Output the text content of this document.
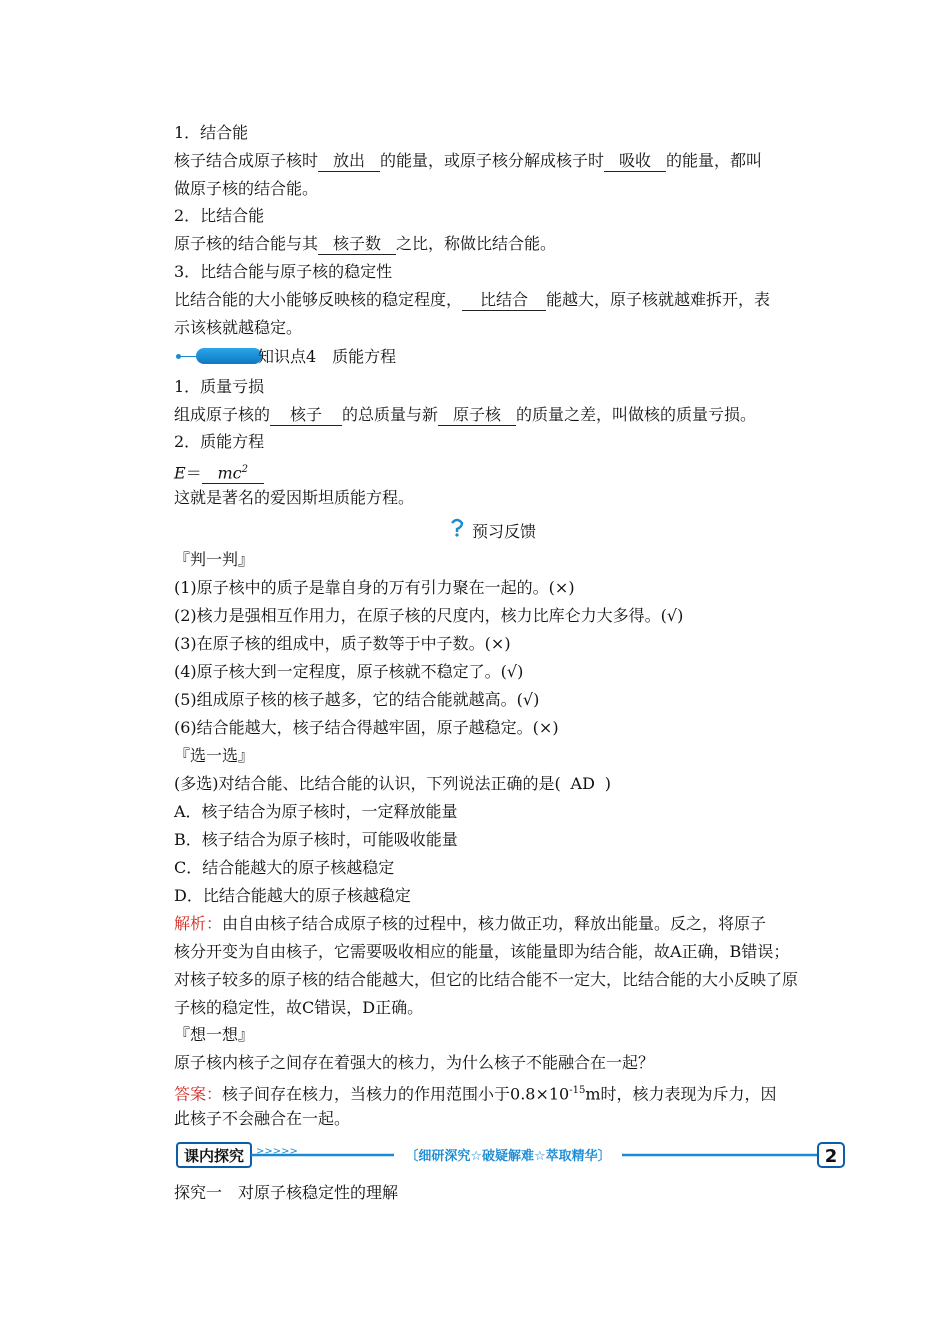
1．结合能
核子结合成原子核时 放出 的能量，或原子核分解成核子时 吸收 的能量，都叫
做原子核的结合能。
2．比结合能
原子核的结合能与其 核子数 之比，称做比结合能。
3．比结合能与原子核的稳定性
比结合能的大小能够反映核的稳定程度， 比结合 能越大，原子核就越难拆开，表
示该核就越稳定。
知识点4　质能方程
1．质量亏损
组成原子核的 核子 的总质量与新 原子核 的质量之差，叫做核的质量亏损。
2．质能方程
$E= mc^2$
这就是著名的爱因斯坦质能方程。
预习反馈
『判一判』
(1)原子核中的质子是靠自身的万有引力聚在一起的。(×)
(2)核力是强相互作用力，在原子核的尺度内，核力比库仑力大多得。(√)
(3)在原子核的组成中，质子数等于中子数。(×)
(4)原子核大到一定程度，原子核就不稳定了。(√)
(5)组成原子核的核子越多，它的结合能就越高。(√)
(6)结合能越大，核子结合得越牢固，原子越稳定。(×)
『选一选』
(多选)对结合能、比结合能的认识，下列说法正确的是( AD )
A．核子结合为原子核时，一定释放能量
B．核子结合为原子核时，可能吸收能量
C．结合能越大的原子核越稳定
D．比结合能越大的原子核越稳定
解析：由自由核子结合成原子核的过程中，核力做正功，释放出能量。反之，将原子
核分开变为自由核子，它需要吸收相应的能量，该能量即为结合能，故A正确，B错误；
对核子较多的原子核的结合能越大，但它的比结合能不一定大，比结合能的大小反映了原
子核的稳定性，故C错误，D正确。
『想一想』
原子核内核子之间存在着强大的核力，为什么核子不能融合在一起？
答案：核子间存在核力，当核力的作用范围小于$0.8\times 10^{-15}m$时，核力表现为斥力，因
此核子不会融合在一起。
课内探究 >>>>>	〔细研深究☆破疑解难☆萃取精华〕	2
探究一　对原子核稳定性的理解
